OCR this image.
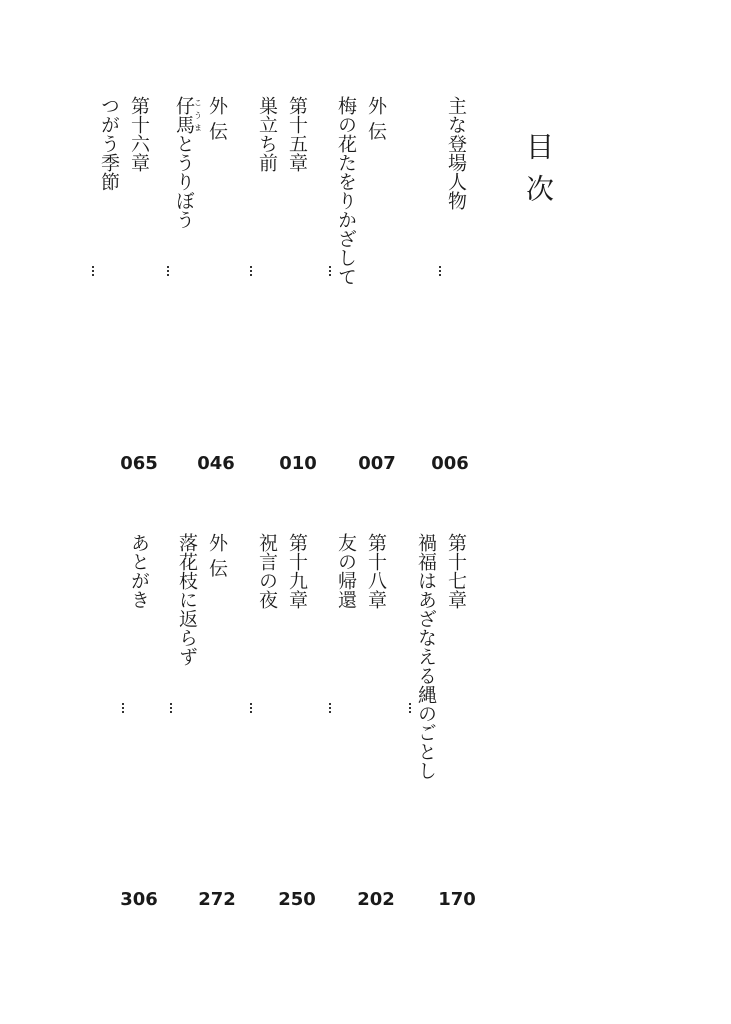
目次
主な登場人物
006
外 伝
梅の花たをりかざして
007
第十五章
巣立ち前
010
外 伝
仔馬こうまとうりぼう
046
第十六章
つがう季節
065
第十七章
禍福はあざなえる縄のごとし
170
第十八章
友の帰還
202
第十九章
祝言の夜
250
外 伝
落花枝に返らず
272
あとがき
306
